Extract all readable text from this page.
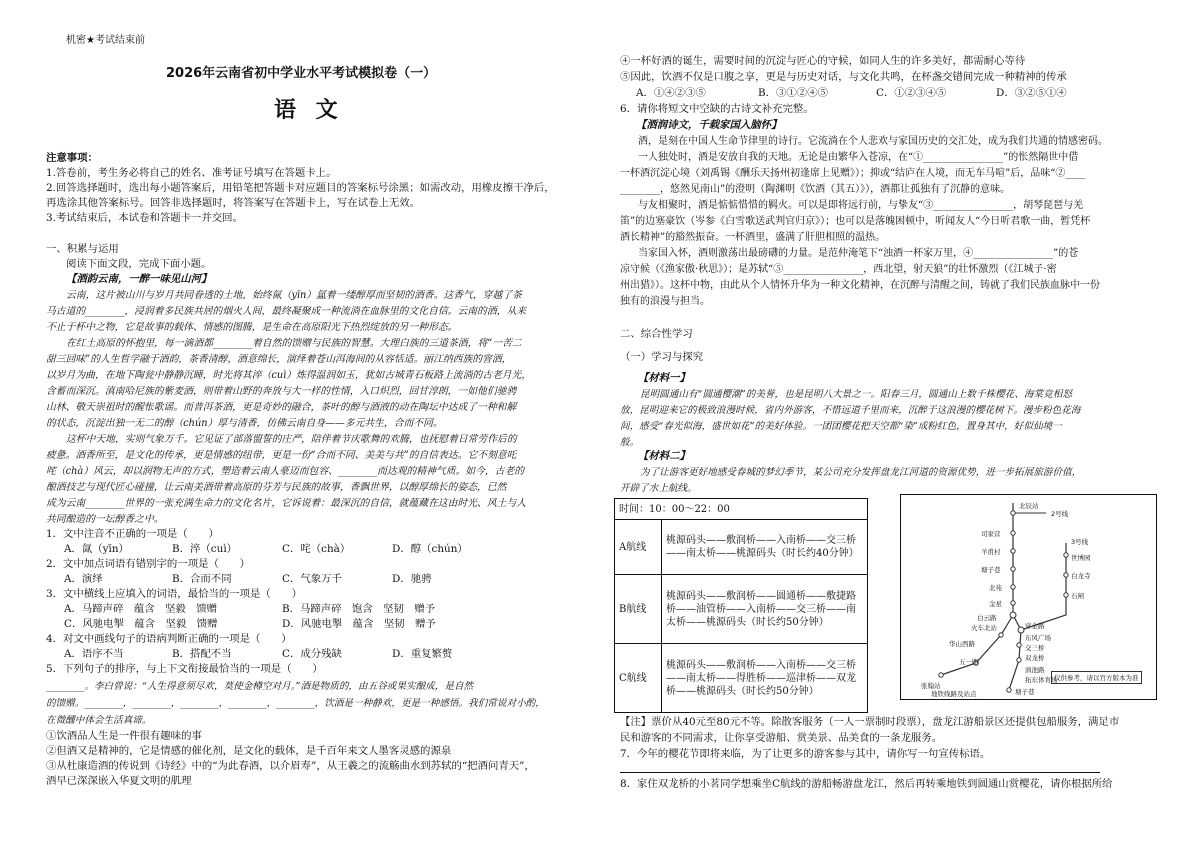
机密★考试结束前
2026年云南省初中学业水平考试模拟卷（一）
语 文
注意事项：
1.答卷前，考生务必将自己的姓名、准考证号填写在答题卡上。
2.回答选择题时，选出每小题答案后，用铅笔把答题卡对应题目的答案标号涂黑；如需改动，用橡皮擦干净后，
再选涂其他答案标号。回答非选择题时，将答案写在答题卡上，写在试卷上无效。
3.考试结束后，本试卷和答题卡一并交回。
一、积累与运用
阅读下面文段，完成下面小题。
【酒韵云南，一醉一味见山河】
云南，这片被山川与岁月共同眷透的土地，始终氤（yīn）氲着一缕醇厚而坚韧的酒香。这香气，穿越了茶
马古道的________，浸润着多民族共居的烟火人间，最终凝聚成一种流淌在血脉里的文化自信。云南的酒，从来
不止于杯中之物，它是故事的载体、情感的图腾，是生命在高原阳光下热烈绽放的另一种形态。
在红土高原的怀抱里，每一滴酒都________着自然的馈赠与民族的智慧。大理白族的三道茶酒，将“一苦二
甜三回味”的人生哲学融于酒韵，茶香清醇，酒意绵长，演绎着苍山洱海间的从容恬适。丽江纳西族的窨酒，
以岁月为曲，在地下陶瓮中静静沉睡，时光将其淬（cuì）炼得温润如玉，犹如古城青石板路上流淌的古老月光，
含蓄而深沉。滇南哈尼族的紫麦酒，则带着山野的奔放与大一样的性情，入口炽烈，回甘淳朗，一如他们驰骋
山林、敬天崇祖时的醒怅歌谣。而普洱茶酒，更是奇妙的融合，茶叶的醇与酒液的动在陶坛中达成了一种和解
的状态，沉淀出独一无二的醇（chún）厚与清香，仿佛云南自身——多元共生，合而不同。
这杯中天地，实则气象万千。它见证了部落盟誓的庄严，陪伴着节庆歌舞的欢腾，也抚慰着日常劳作后的
疲惫。酒香所至，是文化的传承，更是情感的纽带，更是一份“合而不同、美美与共”的自信表达。它不刻意吒
咤（chà）风云，却以润物无声的方式，塑造着云南人豪迈而包容、________而达观的精神气质。如今，古老的
酿酒技艺与现代匠心碰撞，让云南美酒带着高原的芬芳与民族的故事，香飘世界，以醇厚绵长的姿态，已然
成为云南________世界的一张充满生命力的文化名片，它诉说着：最深沉的自信，就蕴藏在这由时光、风土与人
共同酿造的一坛醇香之中。
1．文中注音不正确的一项是（　　）
A．氤（yīn）	B．淬（cuì）	C．咤（chà）	D．醇（chún）
2．文中加点词语有错别字的一项是（　　）
A．演绎	B．合而不同	C．气象万千	D．驰骋
3．文中横线上应填入的词语，最恰当的一项是（　　）
A．马蹄声碎　蕴含　坚毅　馈赠	B．马蹄声碎　饱含　坚韧　赠予
C．风驰电掣　蕴含　坚毅　馈赠	D．风驰电掣　蕴含　坚韧　赠予
4．对文中画线句子的语病判断正确的一项是（　　）
A．语序不当	B．搭配不当	C．成分残缺	D．重复繁赘
5．下列句子的排序，与上下文衔接最恰当的一项是（　　）
________。李白曾说：“人生得意须尽欢，莫使金樽空对月。”酒是物质的，由五谷或果实酿成，是自然
的馈赠。________，________，________，________，________，饮酒是一种静欢，更是一种感悟。我们常说对小酌，
在微醺中体会生活真谛。
①饮酒品人生是一件很有趣味的事
②但酒又是精神的，它是情感的催化剂，是文化的载体，是千百年来文人墨客灵感的源泉
③从杜康造酒的传说到《诗经》中的“为此春酒，以介眉寿”，从王羲之的流觞曲水到苏轼的“把酒问青天”，
酒早已深深嵌入华夏文明的肌理
④一杯好酒的诞生，需要时间的沉淀与匠心的守候，如同人生的许多美好，都需耐心等待
⑤因此，饮酒不仅是口腹之享，更是与历史对话，与文化共鸣，在杯盏交错间完成一种精神的传承
A．①④②③⑤	B．③①②④⑤	C．①②③④⑤	D．③②⑤①④
6．请你将短文中空缺的古诗文补充完整。
【酒润诗文，千载家国入脑怀】
酒，是刻在中国人生命节律里的诗行。它流淌在个人悲欢与家国历史的交汇处，成为我们共通的情感密码。
一人独处时，酒是安放自我的天地。无论是由繁华入苍凉，在“①________________”的怅然隔世中借
一杯酒沉淀心境（刘禹锡《酬乐天扬州初逢席上见赠》）；抑或“结庐在人境，而无车马喧”后，品味“②____
________，悠然见南山”的澄明（陶渊明《饮酒（其五）》），酒都让孤独有了沉静的意味。
与友相聚时，酒是惦惦惜惜的羁火。可以是即将远行前，与挚友“③________________，胡琴琵琶与羌
笛”的边塞豪饮（岑参《白雪歌送武判官归京》）；也可以是落魄困顿中，听闻友人“今日听君歌一曲，暂凭杯
酒长精神”的豁然振奋。一杯酒里，盛满了肝胆相照的温热。
当家国入怀，酒则激荡出最磅礴的力量。是范仲淹笔下“浊酒一杯家万里，④________________”的苍
凉守候（《渔家傲·秋思》）；是苏轼“⑤________________，西北望，射天狼”的壮怀激烈（《江城子·密
州出猎》）。这杯中物，由此从个人情怀升华为一种文化精神，在沉醉与清醒之间，铸就了我们民族血脉中一份
独有的浪漫与担当。
二、综合性学习
（一）学习与探究
【材料一】
昆明圆通山有“圆通樱潮”的美誉，也是昆明八大景之一。阳春三月，圆通山上数千株樱花、海棠竞相怒
放，昆明迎来它的极致浪漫时候，省内外游客，不惜远道千里而来，沉醉于这浪漫的樱花树下。漫步粉色花海
间，感受“春光似海，盛世如花”的美好体验。一团团樱花把天空都“染”成粉红色，置身其中，好似仙境一
般。
【材料二】
为了让游客更好地感受春城的梦幻季节，某公司充分发挥盘龙江河道的资源优势，进一步拓展旅游价值，
开辟了水上航线。
时间：10：00～22：00	
A航线	桃源码头——敷润桥——入南桥——交三桥——南太桥——桃源码头（时长约40分钟）
B航线	桃源码头——敷润桥——圆通桥——敷捷路桥——油管桥——入南桥——交三桥——南太桥——桃源码头（时长约50分钟）
C航线	桃源码头——敷润桥——入南桥——交三桥——南太桥——得胜桥——巡津桥——双龙桥——桃源码头（时长约50分钟）
北辰站
2号线
司家营
羊甫村
塘子巷
北苑
金星
白云路
火车北站
3号线
穿金路
五一路
华山西路
东风广场
交三桥
双龙桥
滇池路
拓东体育场
塘子巷
张翰站
白龙寺
石闸
世博园
仅供参考，请以官方版本为准
地铁线路及站点
【注】票价从40元至80元不等。除散客服务（一人一票制时段票），盘龙江游船景区还提供包船服务，满足市
民和游客的不同需求，让你享受游船、赏美景、品美食的一条龙服务。
7．今年的樱花节即将来临，为了让更多的游客参与其中，请你写一句宣传标语。
8．家住双龙桥的小茗同学想乘坐C航线的游船畅游盘龙江，然后再转乘地铁到圆通山赏樱花，请你根据所给
